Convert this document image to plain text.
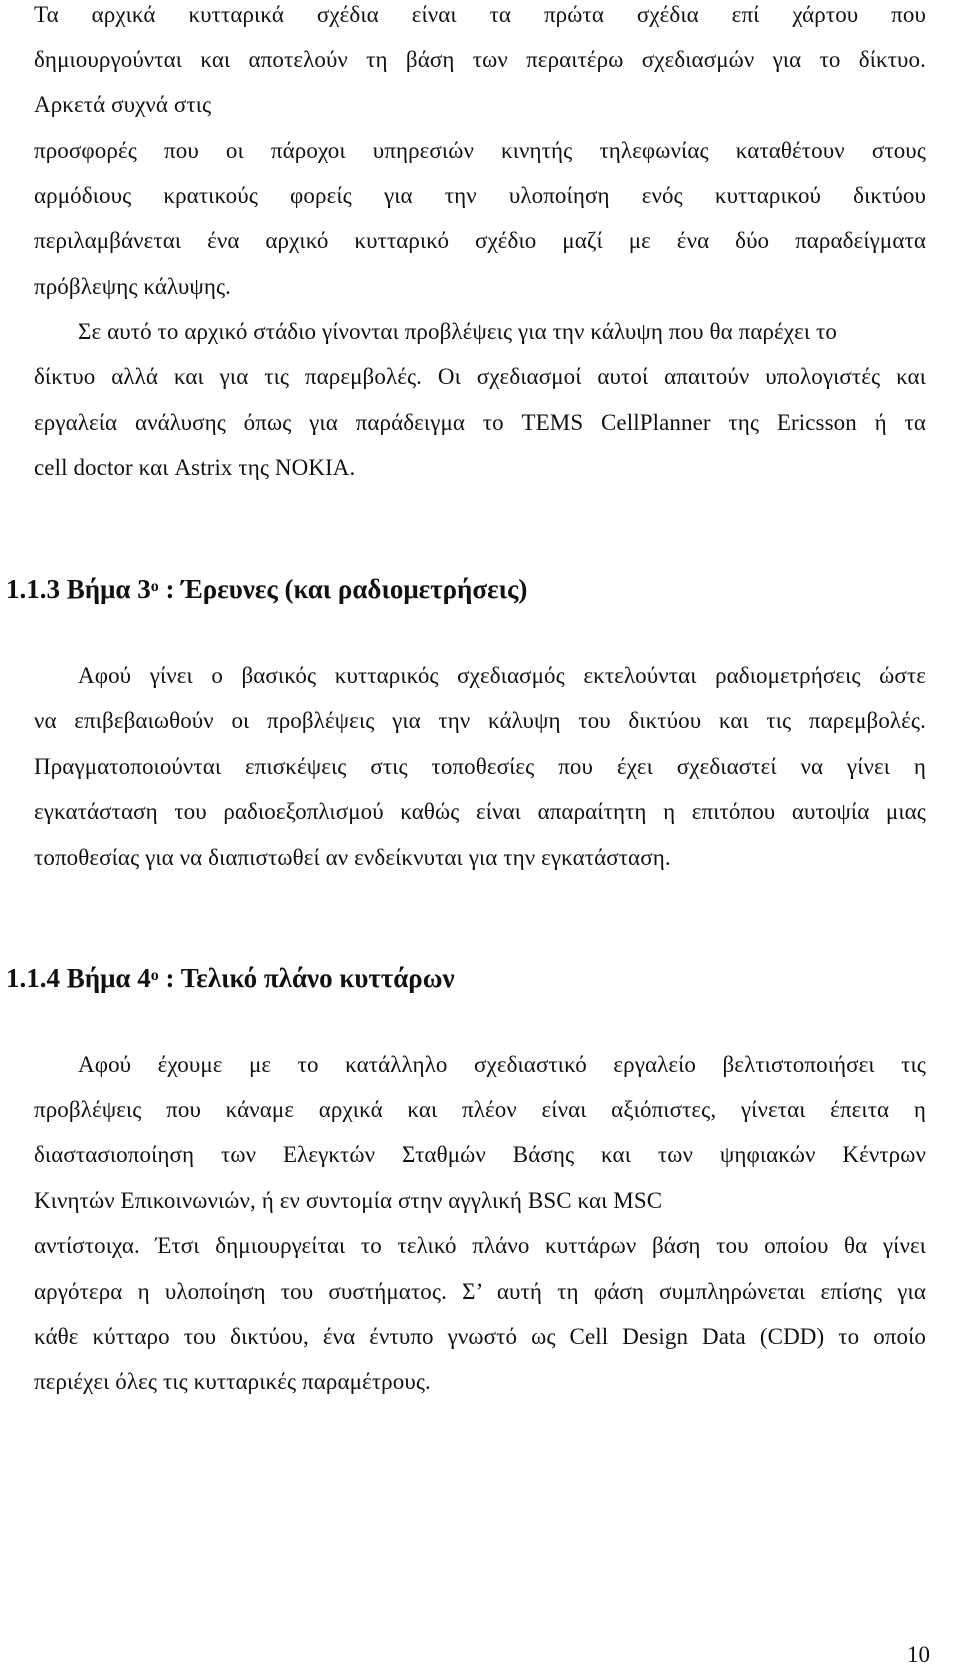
Τα αρχικά κυτταρικά σχέδια είναι τα πρώτα σχέδια επί χάρτου που
δημιουργούνται και αποτελούν τη βάση των περαιτέρω σχεδιασμών για το δίκτυο.
Αρκετά συχνά στις
προσφορές που οι πάροχοι υπηρεσιών κινητής τηλεφωνίας καταθέτουν στους
αρμόδιους κρατικούς φορείς για την υλοποίηση ενός κυτταρικού δικτύου
περιλαμβάνεται ένα αρχικό κυτταρικό σχέδιο μαζί με ένα δύο παραδείγματα
πρόβλεψης κάλυψης.
Σε αυτό το αρχικό στάδιο γίνονται προβλέψεις για την κάλυψη που θα παρέχει το
δίκτυο αλλά και για τις παρεμβολές. Οι σχεδιασμοί αυτοί απαιτούν υπολογιστές και
εργαλεία ανάλυσης όπως για παράδειγμα το TEMS CellPlanner της Ericsson ή τα
cell doctor και Astrix της NOKIA.
1.1.3 Βήμα $3^o$ : Έρευνες (και ραδιομετρήσεις)
Αφού γίνει ο βασικός κυτταρικός σχεδιασμός εκτελούνται ραδιομετρήσεις ώστε
να επιβεβαιωθούν οι προβλέψεις για την κάλυψη του δικτύου και τις παρεμβολές.
Πραγματοποιούνται επισκέψεις στις τοποθεσίες που έχει σχεδιαστεί να γίνει η
εγκατάσταση του ραδιοεξοπλισμού καθώς είναι απαραίτητη η επιτόπου αυτοψία μιας
τοποθεσίας για να διαπιστωθεί αν ενδείκνυται για την εγκατάσταση.
1.1.4 Βήμα $4^o$ : Τελικό πλάνο κυττάρων
Αφού έχουμε με το κατάλληλο σχεδιαστικό εργαλείο βελτιστοποιήσει τις
προβλέψεις που κάναμε αρχικά και πλέον είναι αξιόπιστες, γίνεται έπειτα η
διαστασιοποίηση των Ελεγκτών Σταθμών Βάσης και των ψηφιακών Κέντρων
Κινητών Επικοινωνιών, ή εν συντομία στην αγγλική BSC και MSC
αντίστοιχα. Έτσι δημιουργείται το τελικό πλάνο κυττάρων βάση του οποίου θα γίνει
αργότερα η υλοποίηση του συστήματος. Σ’ αυτή τη φάση συμπληρώνεται επίσης για
κάθε κύτταρο του δικτύου, ένα έντυπο γνωστό ως Cell Design Data (CDD) το οποίο
περιέχει όλες τις κυτταρικές παραμέτρους.
10
